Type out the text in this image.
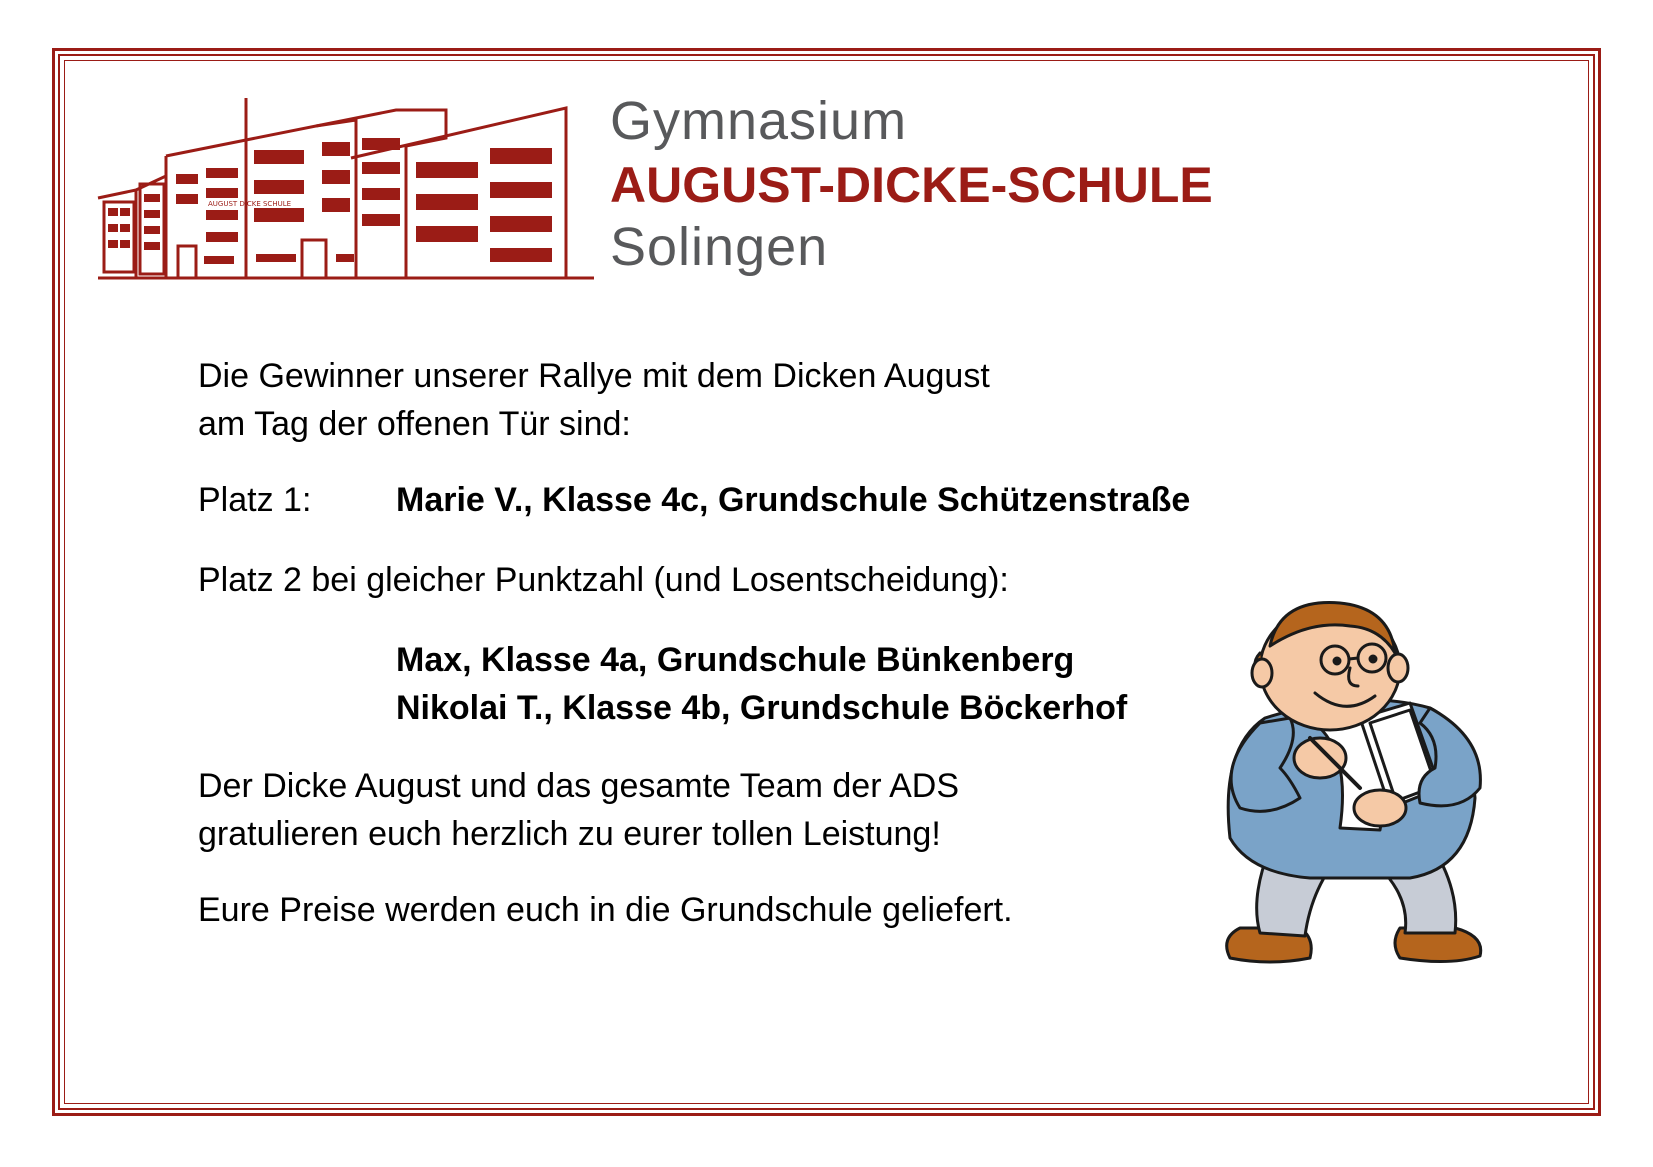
AUGUST DICKE SCHULE
Gymnasium
AUGUST-DICKE-SCHULE
Solingen
Die Gewinner unserer Rallye mit dem Dicken August
am Tag der offenen Tür sind:
Platz 1: Marie V., Klasse 4c, Grundschule Schützenstraße
Platz 2 bei gleicher Punktzahl (und Losentscheidung):
Max, Klasse 4a, Grundschule Bünkenberg
Nikolai T., Klasse 4b, Grundschule Böckerhof
Der Dicke August und das gesamte Team der ADS
gratulieren euch herzlich zu eurer tollen Leistung!
Eure Preise werden euch in die Grundschule geliefert.
